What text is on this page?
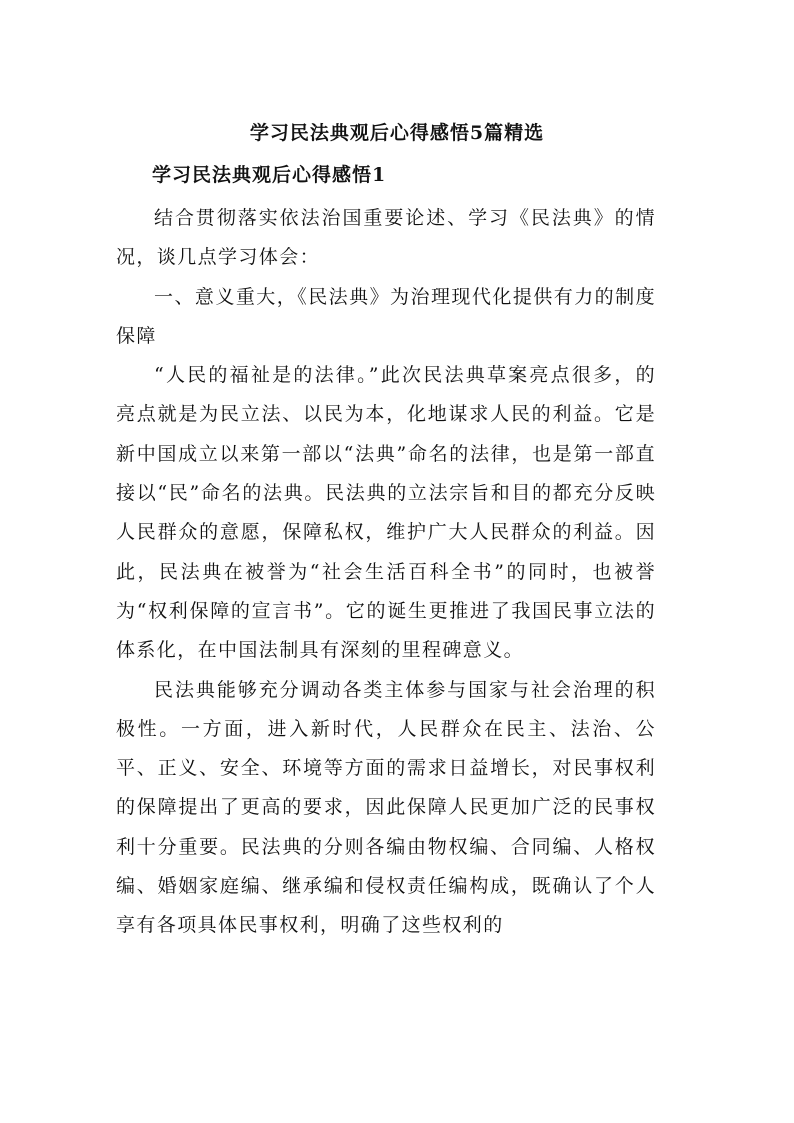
学习民法典观后心得感悟5篇精选
学习民法典观后心得感悟1

结合贯彻落实依法治国重要论述、学习《民法典》的情况，谈几点学习体会：

一、意义重大，《民法典》为治理现代化提供有力的制度保障

“人民的福祉是的法律。”此次民法典草案亮点很多，的亮点就是为民立法、以民为本，化地谋求人民的利益。它是新中国成立以来第一部以“法典”命名的法律，也是第一部直接以“民”命名的法典。民法典的立法宗旨和目的都充分反映人民群众的意愿，保障私权，维护广大人民群众的利益。因此，民法典在被誉为“社会生活百科全书”的同时，也被誉为“权利保障的宣言书”。它的诞生更推进了我国民事立法的体系化，在中国法制具有深刻的里程碑意义。

民法典能够充分调动各类主体参与国家与社会治理的积极性。一方面，进入新时代，人民群众在民主、法治、公平、正义、安全、环境等方面的需求日益增长，对民事权利的保障提出了更高的要求，因此保障人民更加广泛的民事权利十分重要。民法典的分则各编由物权编、合同编、人格权编、婚姻家庭编、继承编和侵权责任编构成，既确认了个人享有各项具体民事权利，明确了这些权利的
